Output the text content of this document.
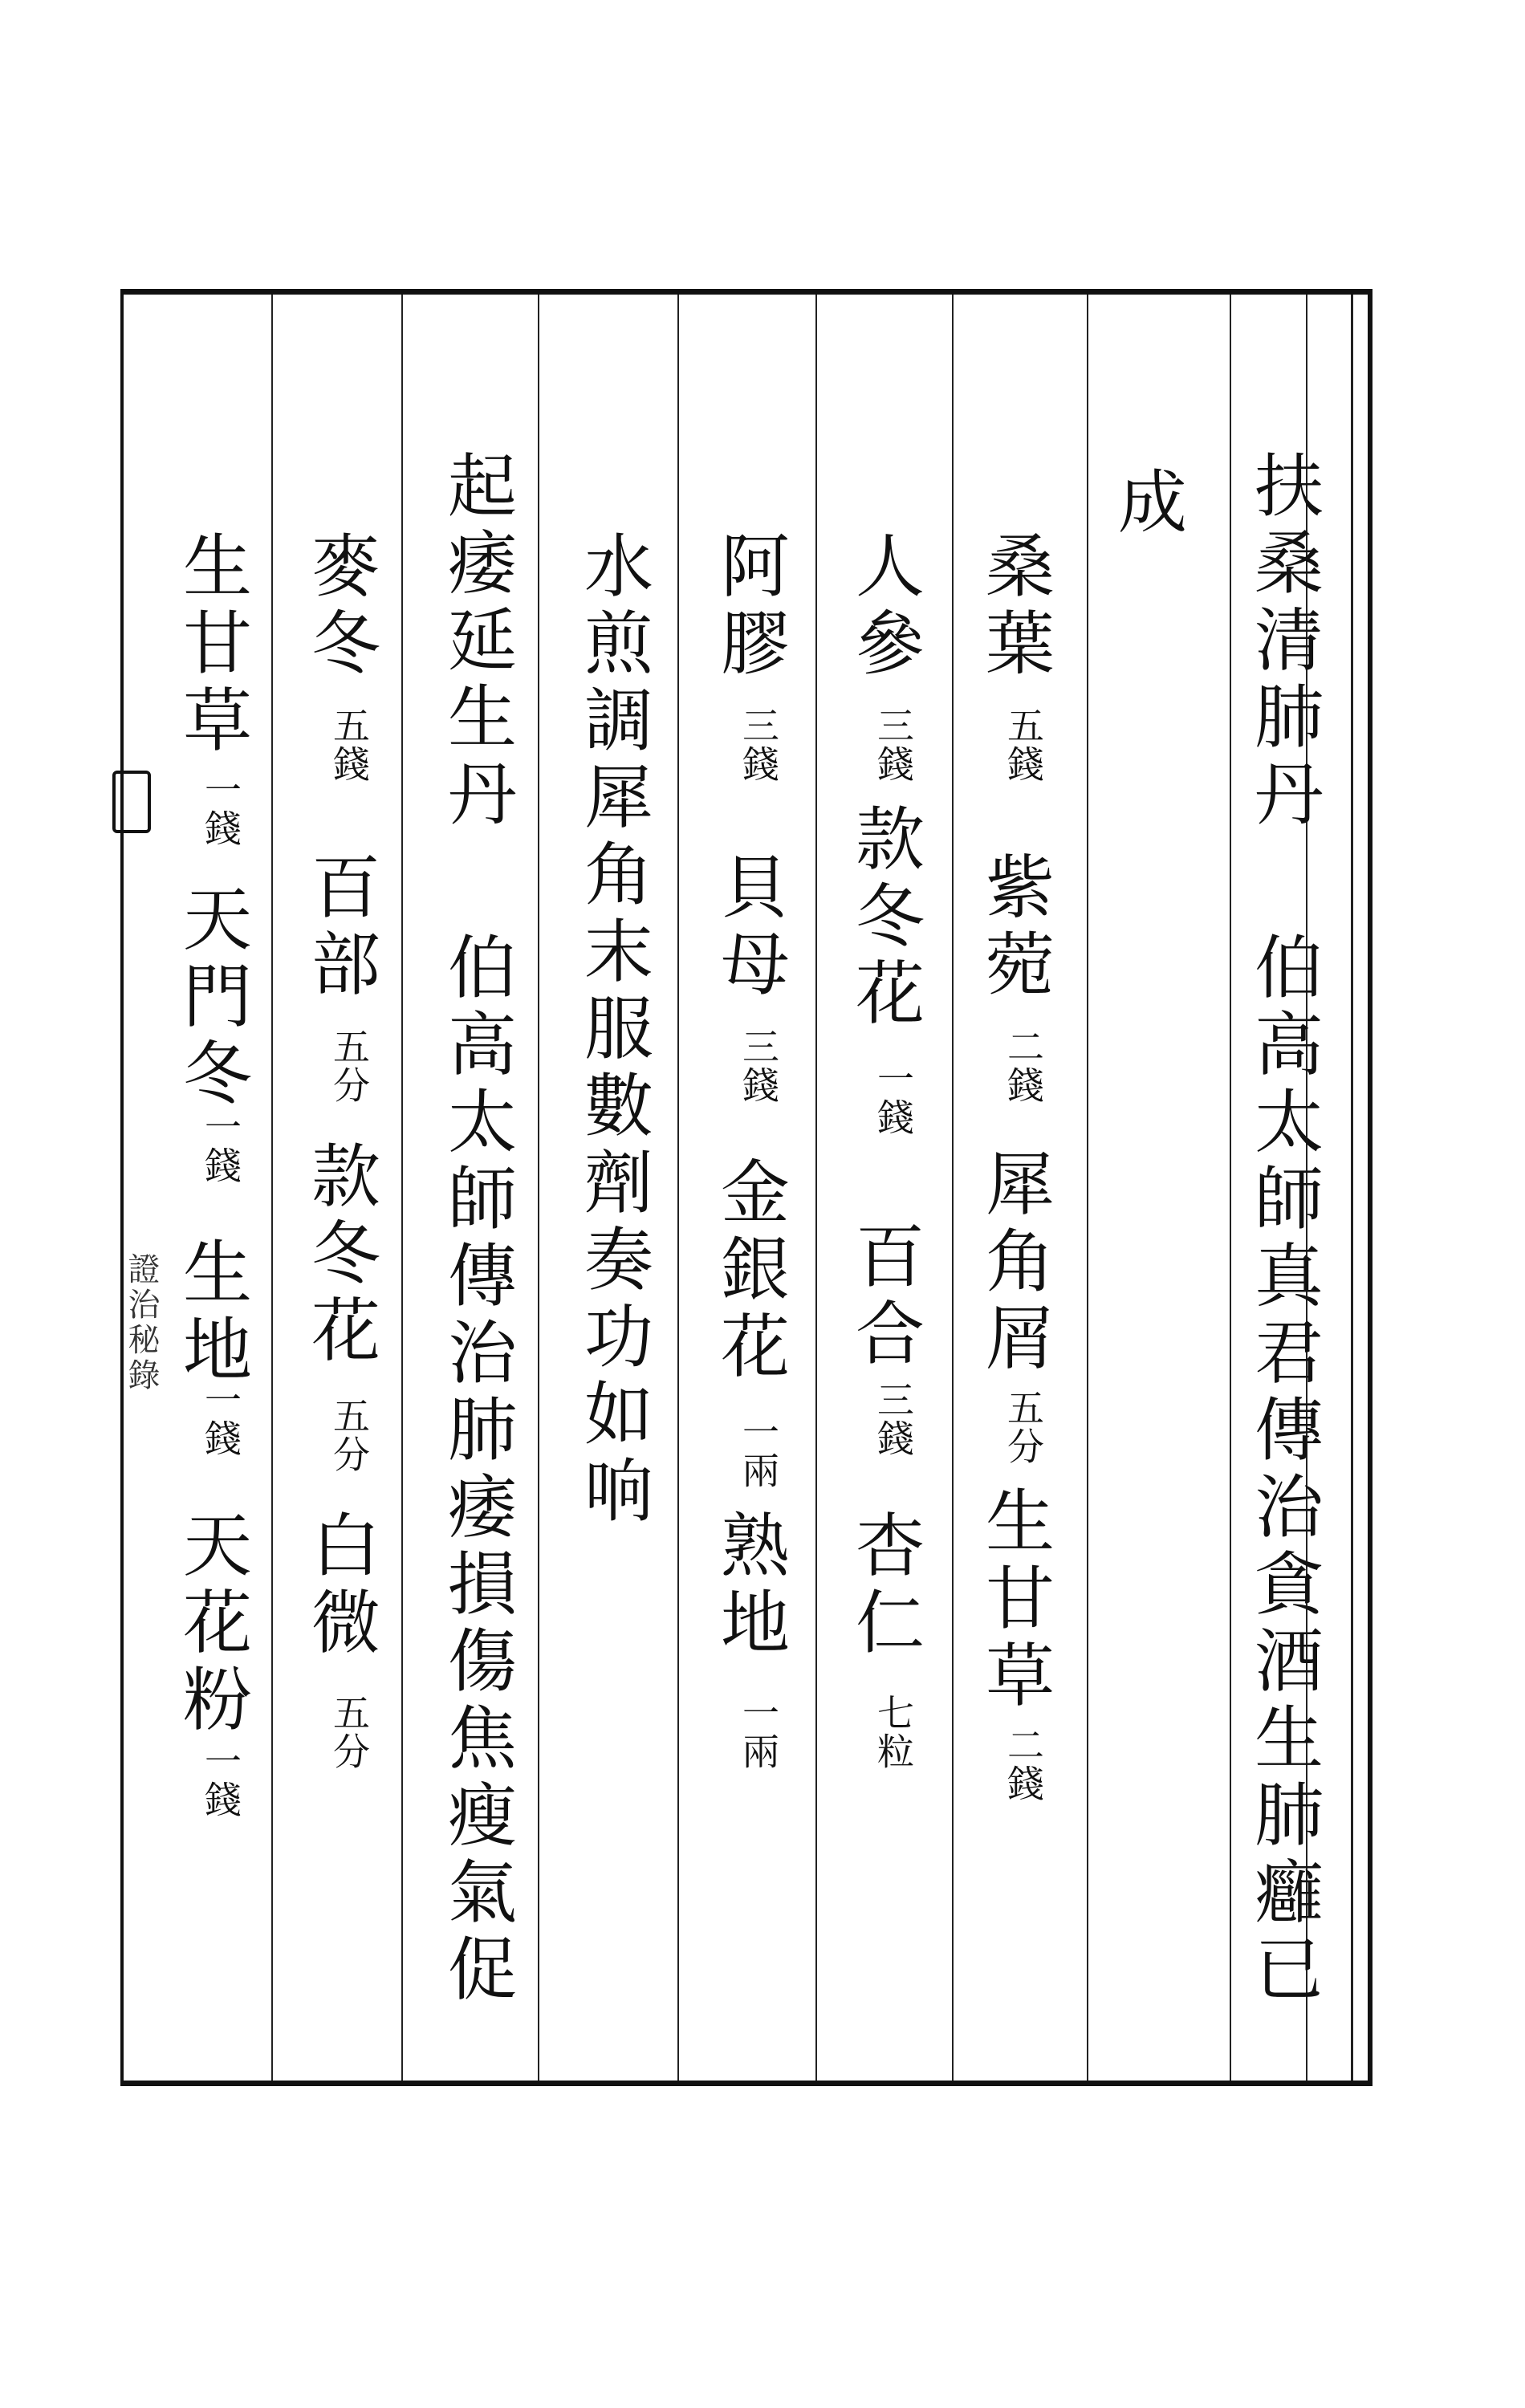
扶桑清肺丹
伯高太師真君傳治貪酒生肺癰已
成
桑葉
五錢
紫菀
二錢
犀角屑
五分
生甘草
二錢
人參
三錢
款冬花
一錢
百合
三錢
杏仁
七粒
阿膠
三錢
貝母
三錢
金銀花
一兩
熟地
一兩
水煎調犀角末服數劑奏功如响
起痿延生丹
伯高太師傳治肺痿損傷焦瘦氣促
麥冬
五錢
百部
五分
款冬花
五分
白微
五分
生甘草
一錢
天門冬
一錢
生地
一錢
天花粉
一錢
證治秘錄
